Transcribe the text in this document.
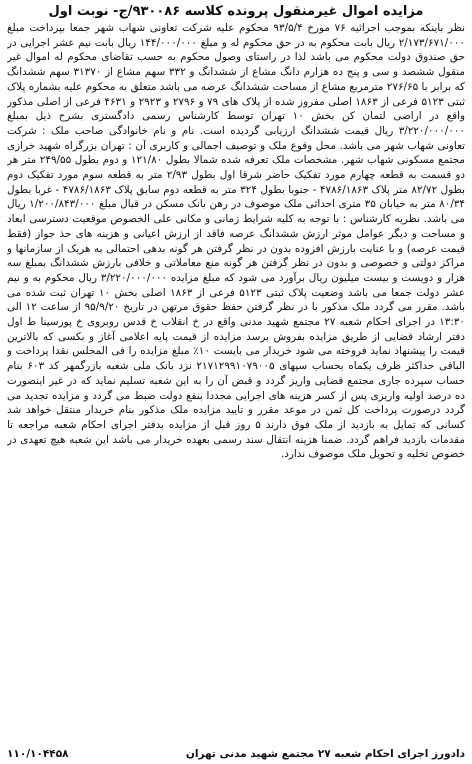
مزایده اموال غیرمنقول پرونده کلاسه ۹۳۰۰۸۶/ج- نوبت اول

نظر باینکه بموجب اجرائیه ۷۶ مورخ ۹۳/۵/۴ محکوم علیه شرکت تعاونی شهاب شهر جمعا بپرداخت مبلغ ۲/۱۷۳/۶۷۱/۰۰۰ ریال بابت محکوم به در حق محکوم له و مبلغ ۱۴۴/۰۰۰/۰۰۰ ریال بابت نیم عشر اجرایی در حق صندوق دولت محکوم می باشد لذا در راستای وصول محکوم به حسب تقاضای محکوم له اموال غیر منقول ششصد و سی و پنج ده هزارم دانگ مشاع از ششدانگ و ۳۳۲ سهم مشاع از ۳۱۳۷۰ سهم ششدانگ که برابر با ۲۷۶/۶۵ مترمربع مشاع از مساحت ششدانگ عرصه می باشد متعلق به محکوم علیه بشماره پلاک ثبتی ۵۱۲۳ فرعی از ۱۸۶۳ اصلی مفروز شده از پلاک های ۷۹ و ۲۷۹۶ و ۲۹۲۳ و ۴۶۳۱ فرعی از اصلی مذکور واقع در اراضی لتمان کن بخش ۱۰ تهران توسط کارشناس رسمی دادگستری بشرح ذیل بمبلغ ۳/۲۲۰/۰۰۰/۰۰۰ ریال قیمت ششدانگ ارزیابی گردیده است. نام و نام خانوادگی صاحب ملک : شرکت تعاونی شهاب شهر می باشد. محل وقوع ملک و توصیف اجمالی و کاربری آن : تهران بزرگراه شهید خرازی مجتمع مسکونی شهاب شهر. مشخصات ملک تعرفه شده شمالا بطول ۱۲۱/۸۰ و دوم بطول ۲۴۹/۵۵ متر هر دو قسمت به قطعه چهارم مورد تفکیک حاضر شرقا اول بطول ۲/۹۳ متر به قطعه سوم مورد تفکیک دوم بطول ۸۲/۷۲ متر پلاک ۴۷۸۶/۱۸۶۳ - جنوبا بطول ۳۲۴ متر به قطعه دوم سابق پلاک ۴۷۸۶/۱۸۶۳ - غربا بطول ۸۰/۳۴ متر به خیابان ۳۵ متری احداثی ملک موصوف در رهن بانک مسکن در قبال مبلغ ۱/۲۰۰/۸۴۳/۰۰۰ ریال می باشد. نظریه کارشناس : با توجه به کلیه شرایط زمانی و مکانی علی الخصوص موقعیت دسترسی ابعاد و مساحت و دیگر عوامل موثر ارزش ششدانگ عرصه فاقد از ارزش اعیانی و هزینه های حذ جواز (فقط قیمت عرصه) و با عنایت بارزش افزوده بدون در نظر گرفتن هر گونه بدهی احتمالی به هریک از سازمانها و مراکز دولتی و خصوصی و بدون در نظر گرفتن هر گونه منع معاملاتی و خلافی بارزش ششدانگ بمبلغ سه هزار و دویست و بیست میلیون ریال برآورد می شود که مبلغ مزایده ۳/۲۲۰/۰۰۰/۰۰۰ ریال محکوم به و نیم عشر دولت جمعا می باشد وضعیت پلاک ثبتی ۵۱۲۳ فرعی از ۱۸۶۳ اصلی بخش ۱۰ تهران ثبت شده می باشد. مقرر می گردد ملک مذکور با در نظر گرفتن حفظ حقوق مرتهن در تاریخ ۹۵/۹/۲۰ از ساعت ۱۲ الی ۱۳:۳۰ در اجرای احکام شعبه ۲۷ مجتمع شهید مدنی واقع در خ انقلاب خ قدس روبروی خ پورسینا ط اول دفتر ارشاد قضایی از طریق مزایده بفروش برسد مزایده از قیمت پایه اعلامی آغاز و بکسی که بالاترین قیمت را پیشنهاد نماید فروخته می شود خریدار می بایست ۱۰٪ مبلغ مزایده را فی المجلس نقدا پرداخت و الباقی حداکثر ظرف یکماه بحساب سپهای ۲۱۷۱۲۹۹۱۰۷۹۰۰۵ نزد بانک ملی شعبه بازرگمهر کد ۶۰۳ بنام حساب سپرده جاری مجتمع قضایی واریز گردد و قبض آن را به این شعبه تسلیم نماید که در غیر اینصورت ده درصد اولیه واریزی پس از کسر هزینه های اجرایی مجددا بنفع دولت ضبط می گردد و مزایده تجدید می گردد درصورت پرداخت کل ثمن در موعد مقرر و تایید مزایده ملک مذکور بنام خریدار منتقل خواهد شد کسانی که تمایل به بازدید از ملک فوق دارند ۵ روز قبل از مزایده بدفتر اجرای احکام شعبه مراجعه تا مقدمات بازدید فراهم گردد. ضمنا هزینه انتقال سند رسمی بعهده خریدار می باشد این شعبه هیچ تعهدی در خصوص تخلیه و تحویل ملک موصوف ندارد.

دادورز اجرای احکام شعبه ۲۷ مجتمع شهید مدنی تهران
۱۱۰/۱۰۴۴۵۸
